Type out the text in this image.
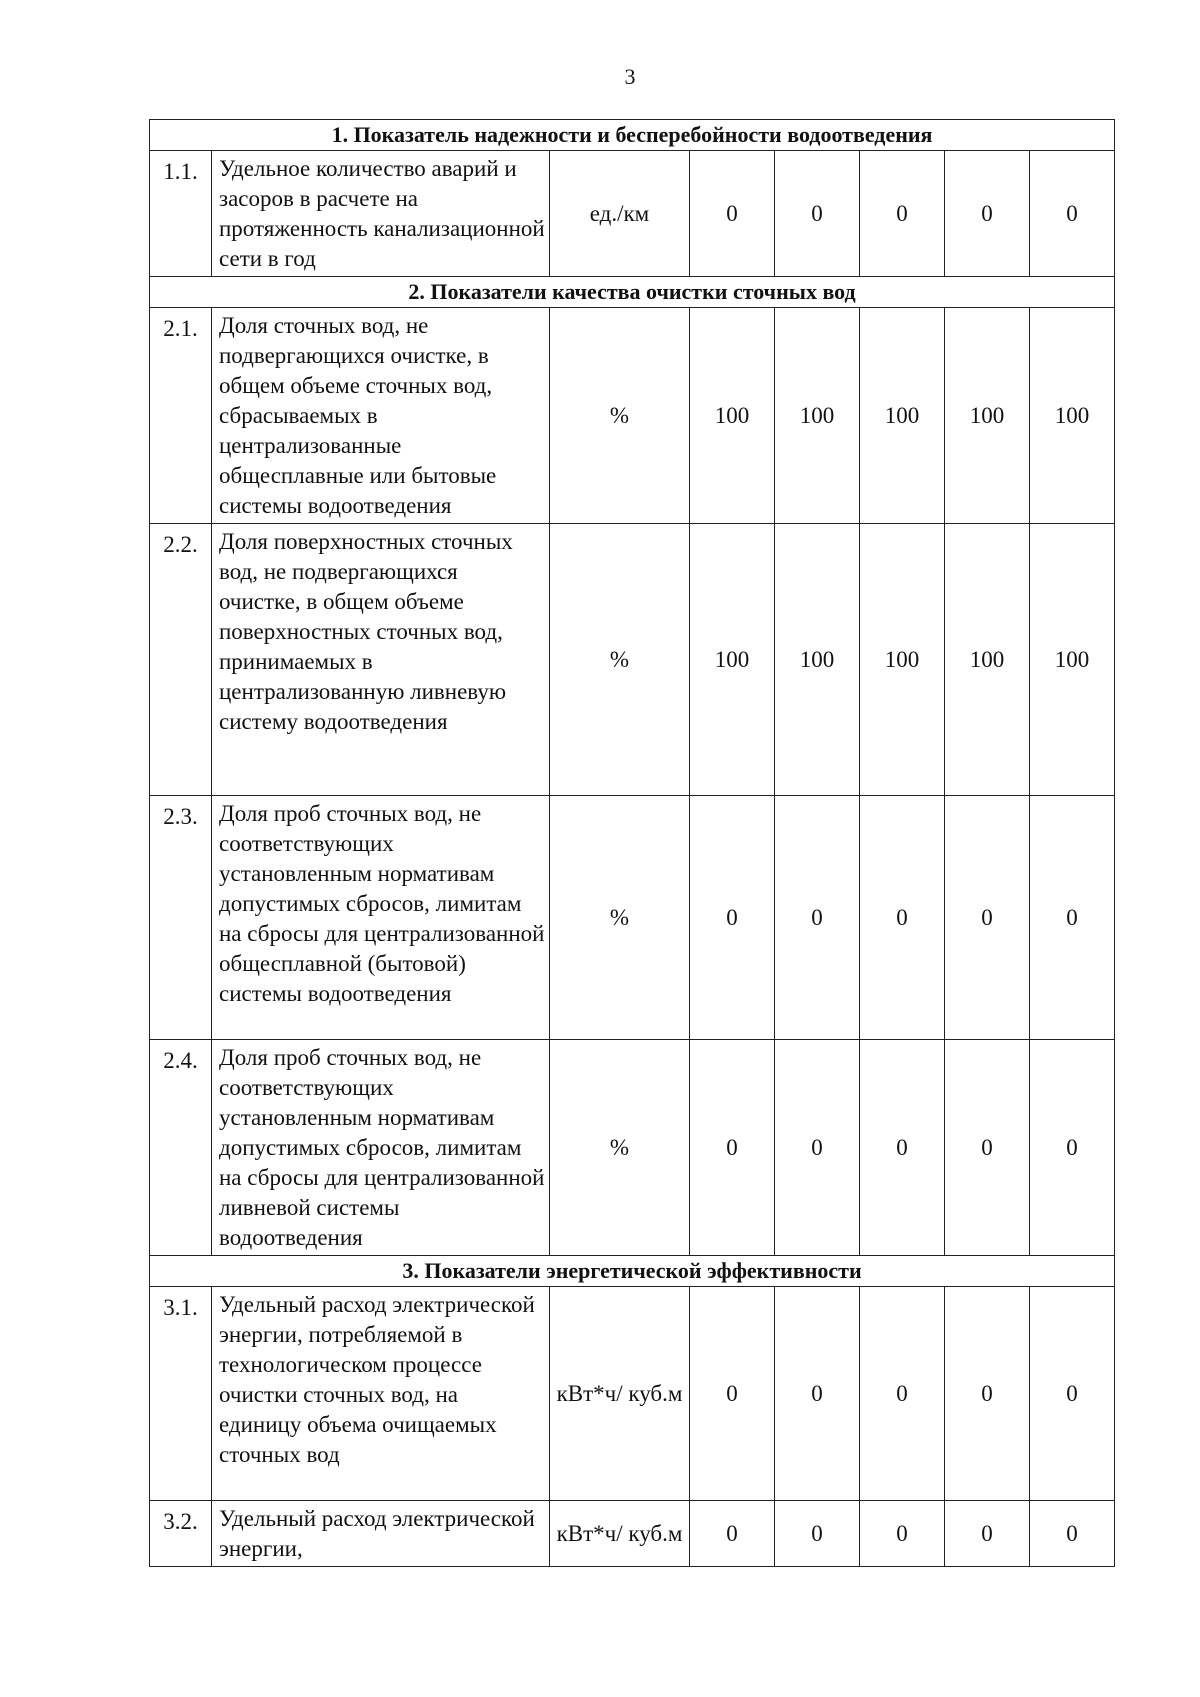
3
1. Показатель надежности и бесперебойности водоотведения							
1.1.	Удельное количество аварий и засоров в расчете на протяженность канализационной сети в год	ед./км	0	0	0	0	0
2. Показатели качества очистки сточных вод							
2.1.	Доля сточных вод, не подвергающихся очистке, в общем объеме сточных вод, сбрасываемых в централизованные общесплавные или бытовые системы водоотведения	%	100	100	100	100	100
2.2.	Доля поверхностных сточных вод, не подвергающихся очистке, в общем объеме поверхностных сточных вод, принимаемых в централизованную ливневую систему водоотведения	%	100	100	100	100	100
2.3.	Доля проб сточных вод, не соответствующих установленным нормативам допустимых сбросов, лимитам на сбросы для централизованной общесплавной (бытовой) системы водоотведения	%	0	0	0	0	0
2.4.	Доля проб сточных вод, не соответствующих установленным нормативам допустимых сбросов, лимитам на сбросы для централизованной ливневой системы водоотведения	%	0	0	0	0	0
3. Показатели энергетической эффективности							
3.1.	Удельный расход электрической энергии, потребляемой в технологическом процессе очистки сточных вод, на единицу объема очищаемых сточных вод	кВт*ч/ куб.м	0	0	0	0	0
3.2.	Удельный расход электрической энергии,	кВт*ч/ куб.м	0	0	0	0	0
